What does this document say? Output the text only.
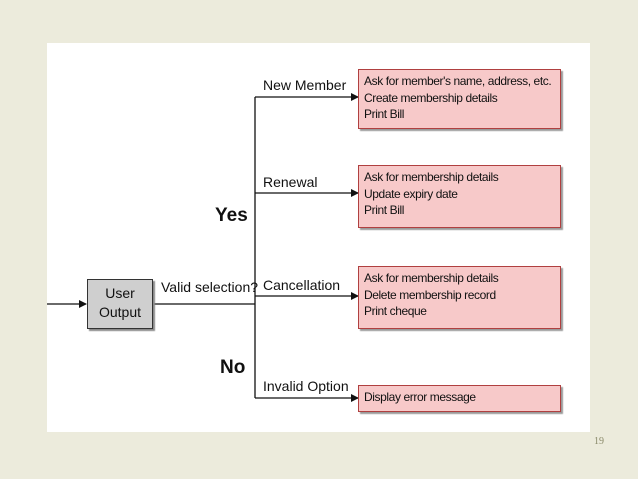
User
Output
Valid selection?
Yes
No
New Member
Renewal
Cancellation
Invalid Option
Ask for member's name, address, etc.
Create membership details
Print Bill
Ask for membership details
Update expiry date
Print Bill
Ask for membership details
Delete membership record
Print cheque
Display error message
19
